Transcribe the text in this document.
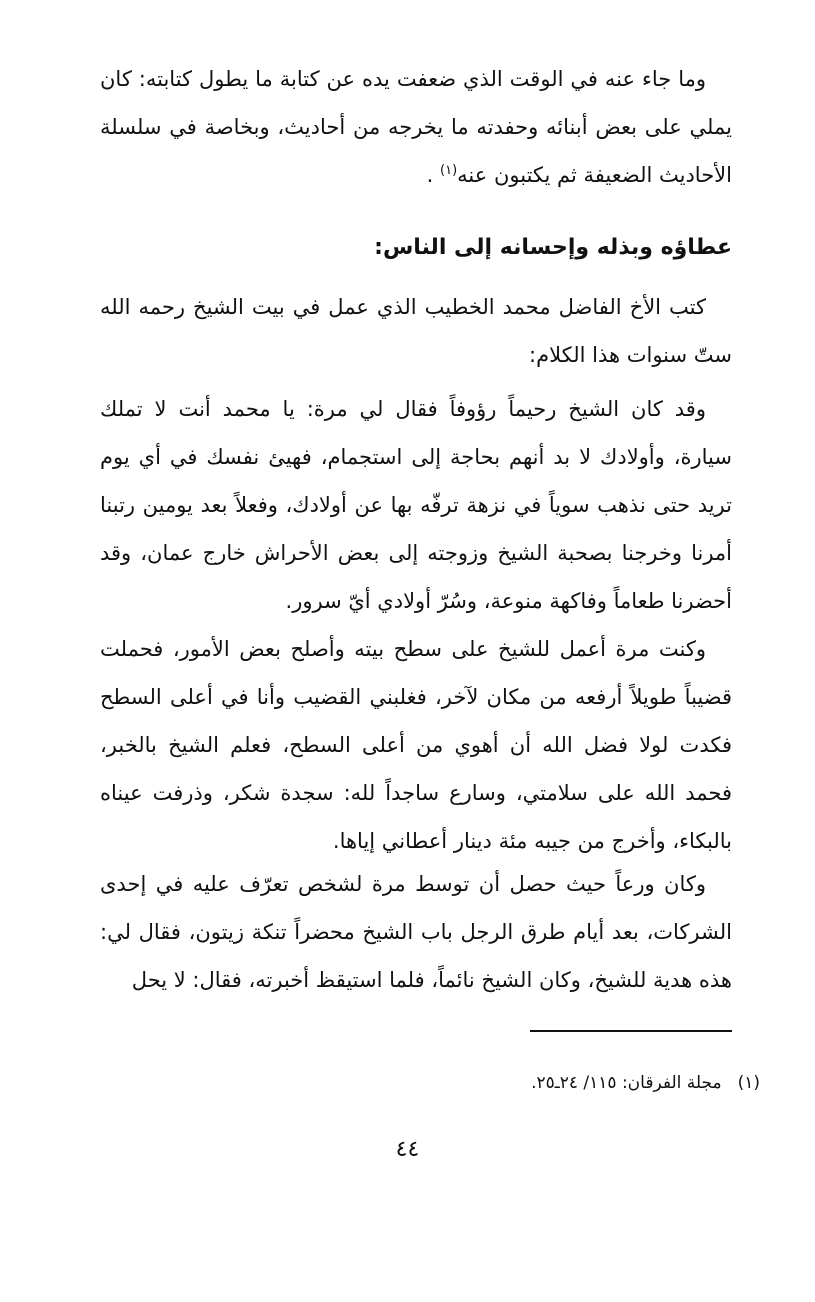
وما جاء عنه في الوقت الذي ضعفت يده عن كتابة ما يطول كتابته: كان يملي على بعض أبنائه وحفدته ما يخرجه من أحاديث، وبخاصة في سلسلة الأحاديث الضعيفة ثم يكتبون عنه$^{(١)}$ .

عطاؤه وبذله وإحسانه إلى الناس:

كتب الأخ الفاضل محمد الخطيب الذي عمل في بيت الشيخ رحمه الله ستّ سنوات هذا الكلام:

وقد كان الشيخ رحيماً رؤوفاً فقال لي مرة: يا محمد أنت لا تملك سيارة، وأولادك لا بد أنهم بحاجة إلى استجمام، فهيئ نفسك في أي يوم تريد حتى نذهب سوياً في نزهة ترفّه بها عن أولادك، وفعلاً بعد يومين رتبنا أمرنا وخرجنا بصحبة الشيخ وزوجته إلى بعض الأحراش خارج عمان، وقد أحضرنا طعاماً وفاكهة منوعة، وسُرّ أولادي أيّ سرور.

وكنت مرة أعمل للشيخ على سطح بيته وأصلح بعض الأمور، فحملت قضيباً طويلاً أرفعه من مكان لآخر، فغلبني القضيب وأنا في أعلى السطح فكدت لولا فضل الله أن أهوي من أعلى السطح، فعلم الشيخ بالخبر، فحمد الله على سلامتي، وسارع ساجداً لله: سجدة شكر، وذرفت عيناه بالبكاء، وأخرج من جيبه مئة دينار أعطاني إياها.

وكان ورعاً حيث حصل أن توسط مرة لشخص تعرّف عليه في إحدى الشركات، بعد أيام طرق الرجل باب الشيخ محضراً تنكة زيتون، فقال لي: هذه هدية للشيخ، وكان الشيخ نائماً، فلما استيقظ أخبرته، فقال: لا يحل

(١)مجلة الفرقان: ١١٥/ ٢٤ـ٢٥.

٤٤
